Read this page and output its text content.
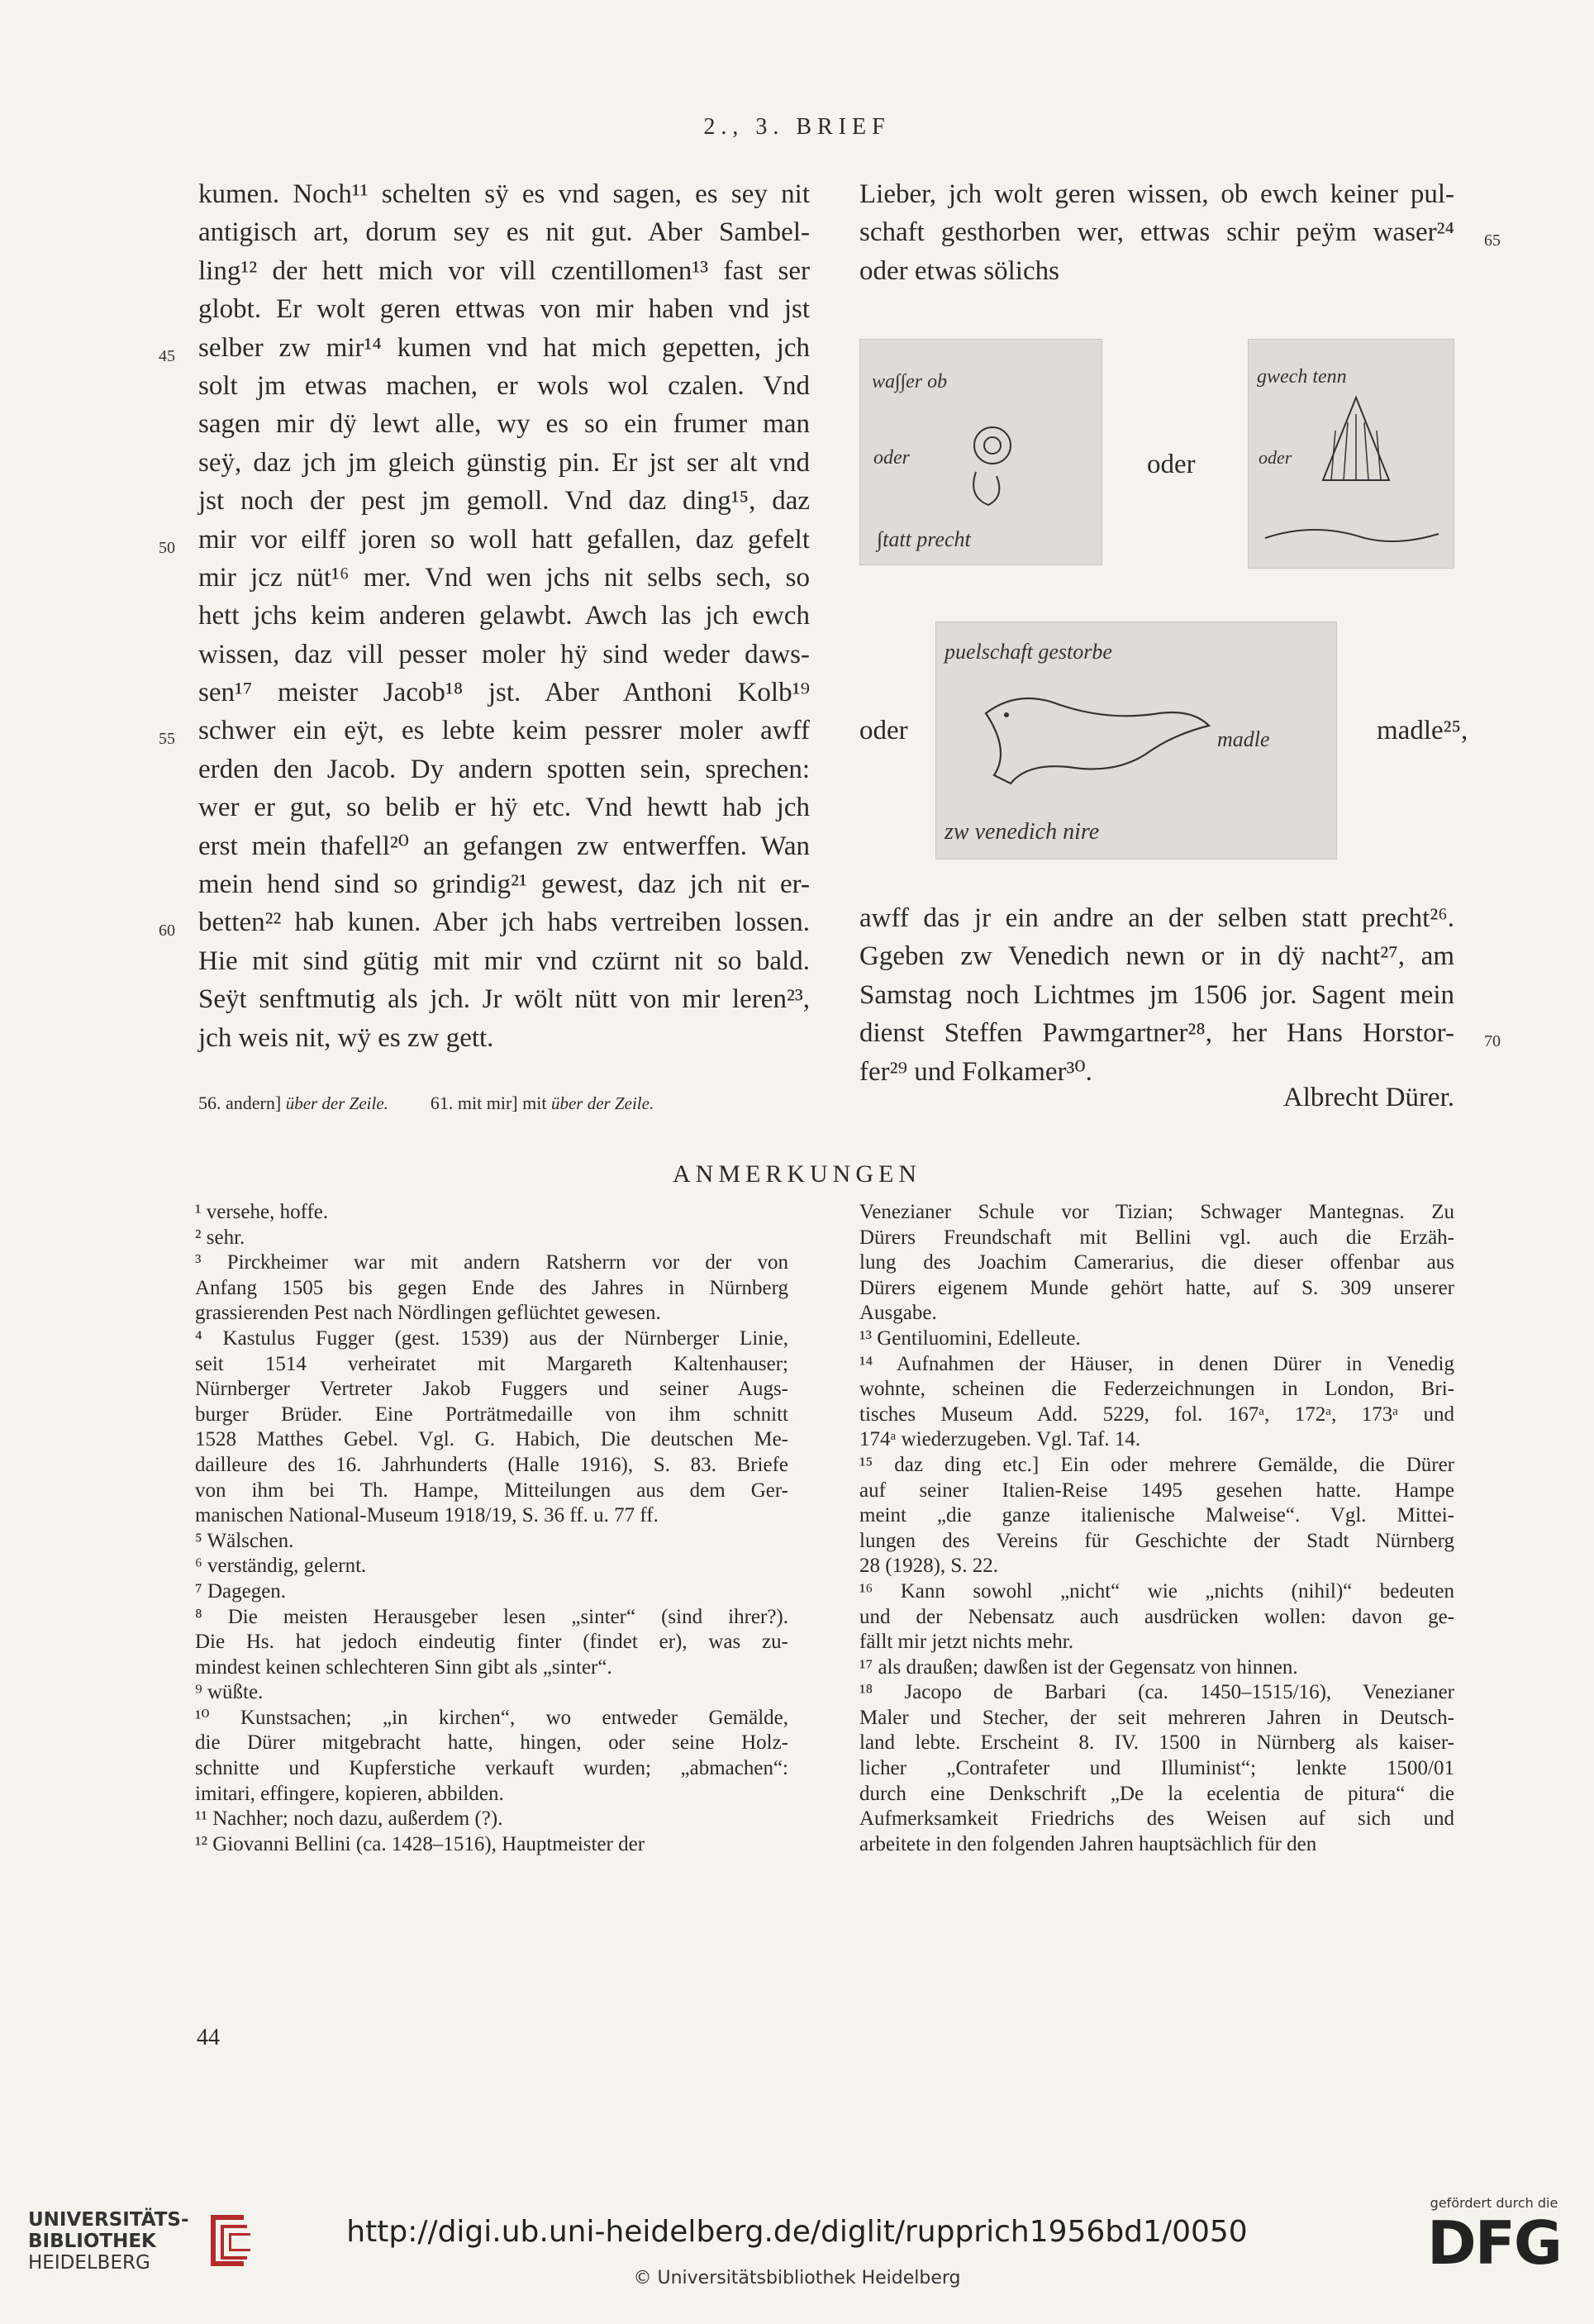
2., 3. BRIEF
kumen. Noch¹¹ schelten sÿ es vnd sagen, es sey nit
antigisch art, dorum sey es nit gut. Aber Sambel-
ling¹² der hett mich vor vill czentillomen¹³ fast ser
globt. Er wolt geren ettwas von mir haben vnd jst
selber zw mir¹⁴ kumen vnd hat mich gepetten, jch
45
solt jm etwas machen, er wols wol czalen. Vnd
sagen mir dÿ lewt alle, wy es so ein frumer man
seÿ, daz jch jm gleich günstig pin. Er jst ser alt vnd
jst noch der pest jm gemoll. Vnd daz ding¹⁵, daz
mir vor eilff joren so woll hatt gefallen, daz gefelt
50
mir jcz nüt¹⁶ mer. Vnd wen jchs nit selbs sech, so
hett jchs keim anderen gelawbt. Awch las jch ewch
wissen, daz vill pesser moler hÿ sind weder daws-
sen¹⁷ meister Jacob¹⁸ jst. Aber Anthoni Kolb¹⁹
schwer ein eÿt, es lebte keim pessrer moler awff
55
erden den Jacob. Dy andern spotten sein, sprechen:
wer er gut, so belib er hÿ etc. Vnd hewtt hab jch
erst mein thafell²⁰ an gefangen zw entwerffen. Wan
mein hend sind so grindig²¹ gewest, daz jch nit er-
betten²² hab kunen. Aber jch habs vertreiben lossen.
60
Hie mit sind gütig mit mir vnd czürnt nit so bald.
Seÿt senftmutig als jch. Jr wölt nütt von mir leren²³,
jch weis nit, wÿ es zw gett.
Lieber, jch wolt geren wissen, ob ewch keiner pul-
schaft gesthorben wer, ettwas schir peÿm waser²⁴ 65
oder etwas sölichs
wa∫∫er ob
oder
∫tatt precht
oder
gwech tenn
oder
puelschaft gestorbe
madle
zw venedich nire
oder	madle²⁵,
awff das jr ein andre an der selben statt precht²⁶.
Ggeben zw Venedich newn or in dÿ nacht²⁷, am
Samstag noch Lichtmes jm 1506 jor. Sagent mein
dienst Steffen Pawmgartner²⁸, her Hans Horstor- 70
fer²⁹ und Folkamer³⁰.
Albrecht Dürer.
56. andern] über der Zeile. 61. mit mir] mit über der Zeile.
ANMERKUNGEN
¹ versehe, hoffe.
² sehr.
³ Pirckheimer war mit andern Ratsherrn vor der von
Anfang 1505 bis gegen Ende des Jahres in Nürnberg
grassierenden Pest nach Nördlingen geflüchtet gewesen.
⁴ Kastulus Fugger (gest. 1539) aus der Nürnberger Linie,
seit 1514 verheiratet mit Margareth Kaltenhauser;
Nürnberger Vertreter Jakob Fuggers und seiner Augs-
burger Brüder. Eine Porträtmedaille von ihm schnitt
1528 Matthes Gebel. Vgl. G. Habich, Die deutschen Me-
dailleure des 16. Jahrhunderts (Halle 1916), S. 83. Briefe
von ihm bei Th. Hampe, Mitteilungen aus dem Ger-
manischen National-Museum 1918/19, S. 36 ff. u. 77 ff.
⁵ Wälschen.
⁶ verständig, gelernt.
⁷ Dagegen.
⁸ Die meisten Herausgeber lesen „sinter“ (sind ihrer?).
Die Hs. hat jedoch eindeutig finter (findet er), was zu-
mindest keinen schlechteren Sinn gibt als „sinter“.
⁹ wüßte.
¹⁰ Kunstsachen; „in kirchen“, wo entweder Gemälde,
die Dürer mitgebracht hatte, hingen, oder seine Holz-
schnitte und Kupferstiche verkauft wurden; „abmachen“:
imitari, effingere, kopieren, abbilden.
¹¹ Nachher; noch dazu, außerdem (?).
¹² Giovanni Bellini (ca. 1428–1516), Hauptmeister der
Venezianer Schule vor Tizian; Schwager Mantegnas. Zu
Dürers Freundschaft mit Bellini vgl. auch die Erzäh-
lung des Joachim Camerarius, die dieser offenbar aus
Dürers eigenem Munde gehört hatte, auf S. 309 unserer
Ausgabe.
¹³ Gentiluomini, Edelleute.
¹⁴ Aufnahmen der Häuser, in denen Dürer in Venedig
wohnte, scheinen die Federzeichnungen in London, Bri-
tisches Museum Add. 5229, fol. 167ᵃ, 172ᵃ, 173ᵃ und
174ᵃ wiederzugeben. Vgl. Taf. 14.
¹⁵ daz ding etc.] Ein oder mehrere Gemälde, die Dürer
auf seiner Italien-Reise 1495 gesehen hatte. Hampe
meint „die ganze italienische Malweise“. Vgl. Mittei-
lungen des Vereins für Geschichte der Stadt Nürnberg
28 (1928), S. 22.
¹⁶ Kann sowohl „nicht“ wie „nichts (nihil)“ bedeuten
und der Nebensatz auch ausdrücken wollen: davon ge-
fällt mir jetzt nichts mehr.
¹⁷ als draußen; dawßen ist der Gegensatz von hinnen.
¹⁸ Jacopo de Barbari (ca. 1450–1515/16), Venezianer
Maler und Stecher, der seit mehreren Jahren in Deutsch-
land lebte. Erscheint 8. IV. 1500 in Nürnberg als kaiser-
licher „Contrafeter und Illuminist“; lenkte 1500/01
durch eine Denkschrift „De la ecelentia de pitura“ die
Aufmerksamkeit Friedrichs des Weisen auf sich und
arbeitete in den folgenden Jahren hauptsächlich für den
44
UNIVERSITÄTS-
BIBLIOTHEK
HEIDELBERG
http://digi.ub.uni-heidelberg.de/diglit/rupprich1956bd1/0050
© Universitätsbibliothek Heidelberg
gefördert durch die
DFG
